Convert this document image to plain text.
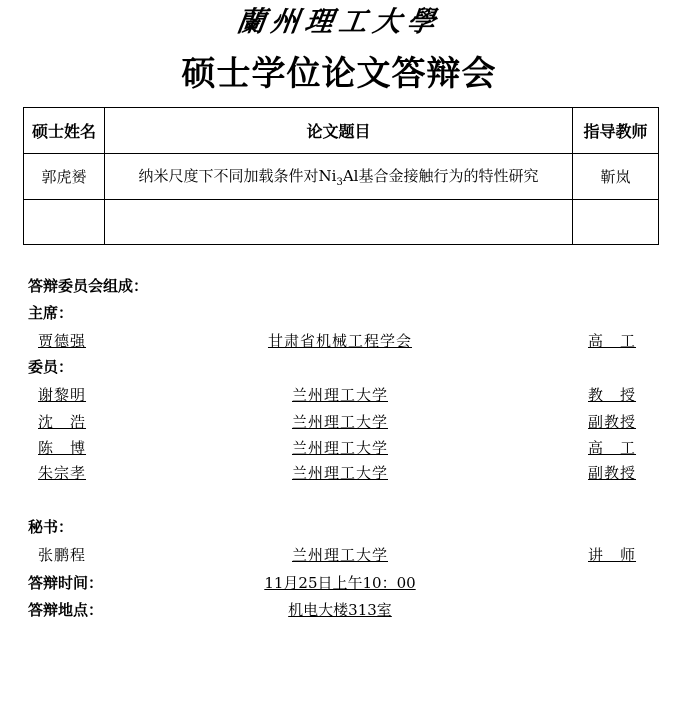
蘭州理工大學
硕士学位论文答辩会
硕士姓名	论文题目	指导教师
郭虎赟	纳米尺度下不同加载条件对$Ni_3Al$基合金接触行为的特性研究	靳岚

答辩委员会组成：
主席：
贾德强	甘肃省机械工程学会	高　工
委员：
谢黎明	兰州理工大学	教　授
沈　浩	兰州理工大学	副教授
陈　博	兰州理工大学	高　工
朱宗孝	兰州理工大学	副教授
秘书：
张鹏程	兰州理工大学	讲　师
答辩时间：	11月25日上午10：00
答辩地点：	机电大楼313室
